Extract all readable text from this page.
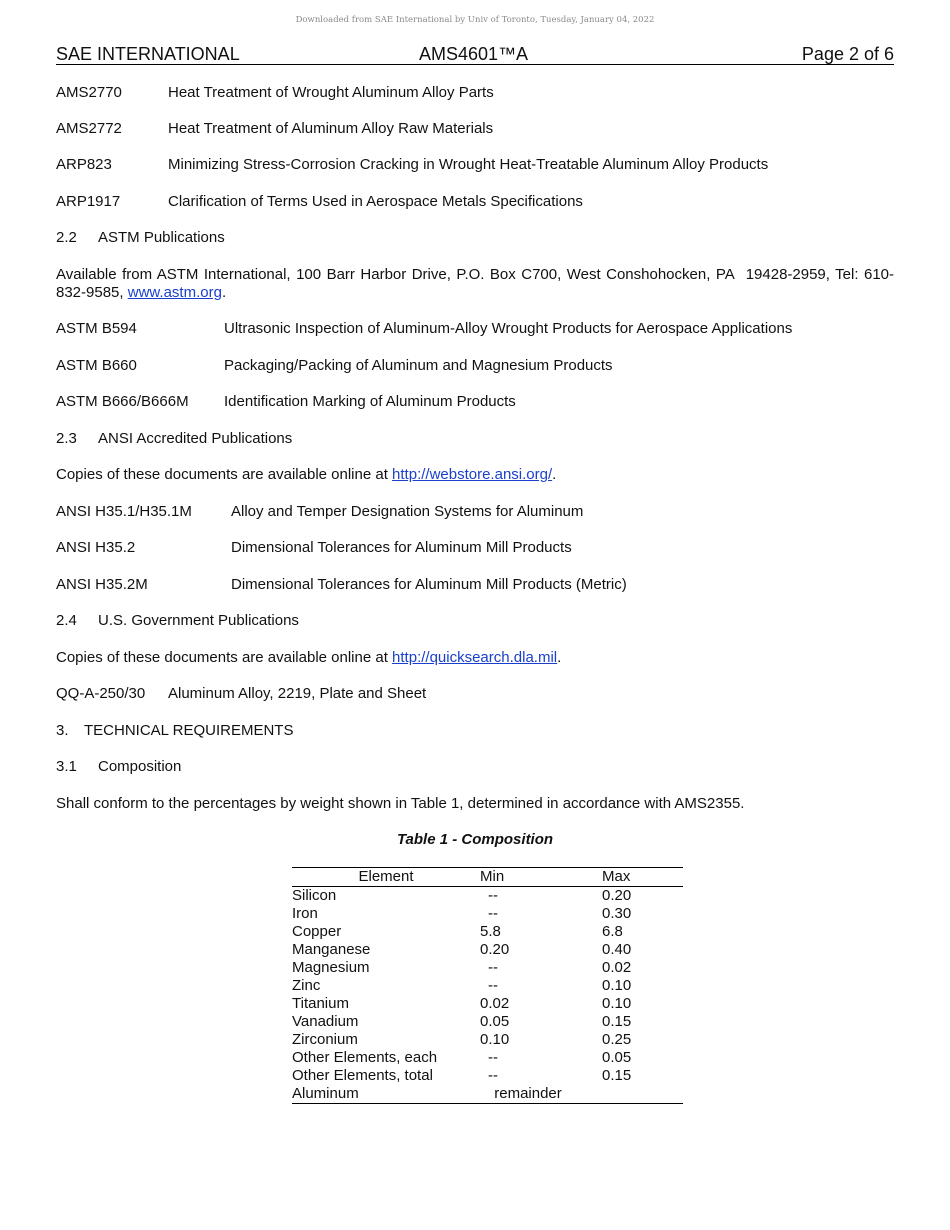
Downloaded from SAE International by Univ of Toronto, Tuesday, January 04, 2022
SAE INTERNATIONAL	AMS4601™A	Page 2 of 6
AMS2770	Heat Treatment of Wrought Aluminum Alloy Parts
AMS2772	Heat Treatment of Aluminum Alloy Raw Materials
ARP823	Minimizing Stress-Corrosion Cracking in Wrought Heat-Treatable Aluminum Alloy Products
ARP1917	Clarification of Terms Used in Aerospace Metals Specifications
2.2 ASTM Publications
Available from ASTM International, 100 Barr Harbor Drive, P.O. Box C700, West Conshohocken, PA  19428-2959, Tel: 610-832-9585, www.astm.org.
ASTM B594	Ultrasonic Inspection of Aluminum-Alloy Wrought Products for Aerospace Applications
ASTM B660	Packaging/Packing of Aluminum and Magnesium Products
ASTM B666/B666M Identification Marking of Aluminum Products
2.3 ANSI Accredited Publications
Copies of these documents are available online at http://webstore.ansi.org/.
ANSI H35.1/H35.1M	Alloy and Temper Designation Systems for Aluminum
ANSI H35.2	Dimensional Tolerances for Aluminum Mill Products
ANSI H35.2M	Dimensional Tolerances for Aluminum Mill Products (Metric)
2.4 U.S. Government Publications
Copies of these documents are available online at http://quicksearch.dla.mil.
QQ-A-250/30 Aluminum Alloy, 2219, Plate and Sheet
3. TECHNICAL REQUIREMENTS
3.1 Composition
Shall conform to the percentages by weight shown in Table 1, determined in accordance with AMS2355.
Table 1 - Composition
Element	Min	Max
Silicon	--	0.20
Iron	--	0.30
Copper	5.8	6.8
Manganese	0.20	0.40
Magnesium	--	0.02
Zinc	--	0.10
Titanium	0.02	0.10
Vanadium	0.05	0.15
Zirconium	0.10	0.25
Other Elements, each	--	0.05
Other Elements, total	--	0.15
Aluminum	remainder	
